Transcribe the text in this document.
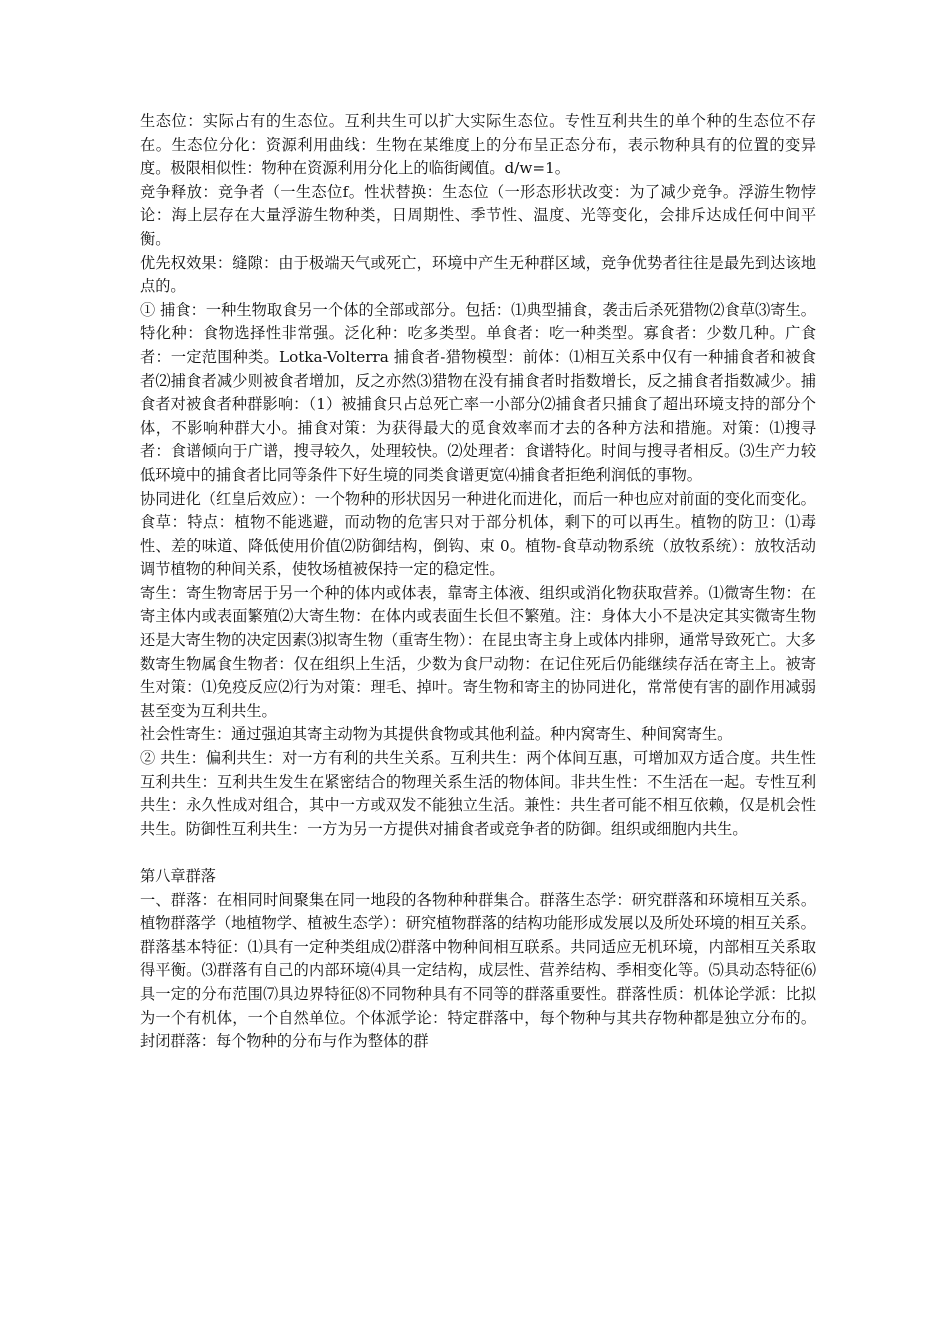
生态位：实际占有的生态位。互利共生可以扩大实际生态位。专性互利共生的单个种的生态位不存在。生态位分化：资源利用曲线：生物在某维度上的分布呈正态分布，表示物种具有的位置的变异度。极限相似性：物种在资源利用分化上的临街阈值。d/w=1。

竞争释放：竞争者（一生态位f。性状替换：生态位（一形态形状改变：为了减少竞争。浮游生物悖论：海上层存在大量浮游生物种类，日周期性、季节性、温度、光等变化，会排斥达成任何中间平衡。

优先权效果：缝隙：由于极端天气或死亡，环境中产生无种群区域，竞争优势者往往是最先到达该地点的。

① 捕食：一种生物取食另一个体的全部或部分。包括：⑴典型捕食，袭击后杀死猎物⑵食草⑶寄生。特化种：食物选择性非常强。泛化种：吃多类型。单食者：吃一种类型。寡食者：少数几种。广食者：一定范围种类。Lotka-Volterra 捕食者-猎物模型：前体：⑴相互关系中仅有一种捕食者和被食者⑵捕食者减少则被食者增加，反之亦然⑶猎物在没有捕食者时指数增长，反之捕食者指数减少。捕食者对被食者种群影响：（1）被捕食只占总死亡率一小部分⑵捕食者只捕食了超出环境支持的部分个体，不影响种群大小。捕食对策：为获得最大的觅食效率而才去的各种方法和措施。对策：⑴搜寻者：食谱倾向于广谱，搜寻较久，处理较快。⑵处理者：食谱特化。时间与搜寻者相反。⑶生产力较低环境中的捕食者比同等条件下好生境的同类食谱更宽⑷捕食者拒绝利润低的事物。

协同进化（红皇后效应）：一个物种的形状因另一种进化而进化，而后一种也应对前面的变化而变化。

食草：特点：植物不能逃避，而动物的危害只对于部分机体，剩下的可以再生。植物的防卫：⑴毒性、差的味道、降低使用价值⑵防御结构，倒钩、束 0。植物-食草动物系统（放牧系统）：放牧活动调节植物的种间关系，使牧场植被保持一定的稳定性。

寄生：寄生物寄居于另一个种的体内或体表，靠寄主体液、组织或消化物获取营养。⑴微寄生物：在寄主体内或表面繁殖⑵大寄生物：在体内或表面生长但不繁殖。注：身体大小不是决定其实微寄生物还是大寄生物的决定因素⑶拟寄生物（重寄生物）：在昆虫寄主身上或体内排卵，通常导致死亡。大多数寄生物属食生物者：仅在组织上生活，少数为食尸动物：在记住死后仍能继续存活在寄主上。被寄生对策：⑴免疫反应⑵行为对策：理毛、掉叶。寄生物和寄主的协同进化，常常使有害的副作用减弱甚至变为互利共生。

社会性寄生：通过强迫其寄主动物为其提供食物或其他利益。种内窝寄生、种间窝寄生。

② 共生：偏利共生：对一方有利的共生关系。互利共生：两个体间互惠，可增加双方适合度。共生性互利共生：互利共生发生在紧密结合的物理关系生活的物体间。非共生性：不生活在一起。专性互利共生：永久性成对组合，其中一方或双发不能独立生活。兼性：共生者可能不相互依赖，仅是机会性共生。防御性互利共生：一方为另一方提供对捕食者或竞争者的防御。组织或细胞内共生。

第八章群落

一、群落：在相同时间聚集在同一地段的各物种种群集合。群落生态学：研究群落和环境相互关系。植物群落学（地植物学、植被生态学）：研究植物群落的结构功能形成发展以及所处环境的相互关系。

群落基本特征：⑴具有一定种类组成⑵群落中物种间相互联系。共同适应无机环境，内部相互关系取得平衡。⑶群落有自己的内部环境⑷具一定结构，成层性、营养结构、季相变化等。⑸具动态特征⑹具一定的分布范围⑺具边界特征⑻不同物种具有不同等的群落重要性。群落性质：机体论学派：比拟为一个有机体，一个自然单位。个体派学论：特定群落中，每个物种与其共存物种都是独立分布的。封闭群落：每个物种的分布与作为整体的群
